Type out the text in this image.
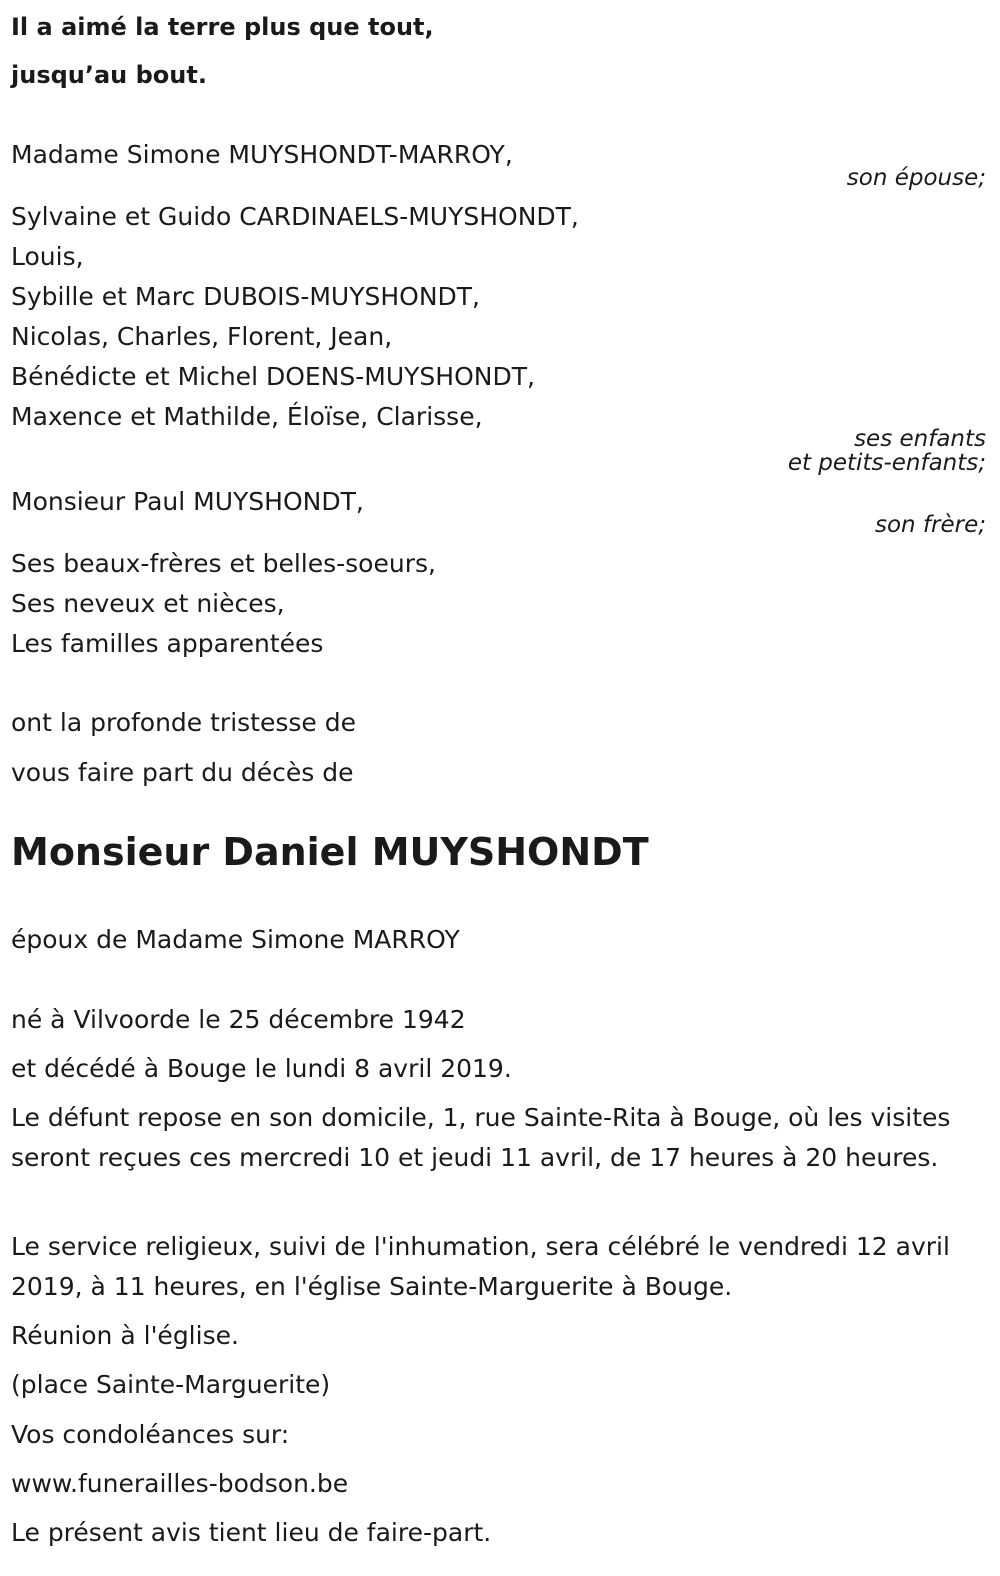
Il a aimé la terre plus que tout,

jusqu’au bout.

Madame Simone MUYSHONDT-MARROY,

son épouse;

Sylvaine et Guido CARDINAELS-MUYSHONDT,

Louis,

Sybille et Marc DUBOIS-MUYSHONDT,

Nicolas, Charles, Florent, Jean,

Bénédicte et Michel DOENS-MUYSHONDT,

Maxence et Mathilde, Éloïse, Clarisse,

ses enfants

et petits-enfants;

Monsieur Paul MUYSHONDT,

son frère;

Ses beaux-frères et belles-soeurs,

Ses neveux et nièces,

Les familles apparentées

ont la profonde tristesse de

vous faire part du décès de

Monsieur Daniel MUYSHONDT

époux de Madame Simone MARROY

né à Vilvoorde le 25 décembre 1942

et décédé à Bouge le lundi 8 avril 2019.

Le défunt repose en son domicile, 1, rue Sainte-Rita à Bouge, où les visites seront reçues ces mercredi 10 et jeudi 11 avril, de 17 heures à 20 heures.

Le service religieux, suivi de l'inhumation, sera célébré le vendredi 12 avril 2019, à 11 heures, en l'église Sainte-Marguerite à Bouge.

Réunion à l'église.

(place Sainte-Marguerite)

Vos condoléances sur:

www.funerailles-bodson.be

Le présent avis tient lieu de faire-part.
